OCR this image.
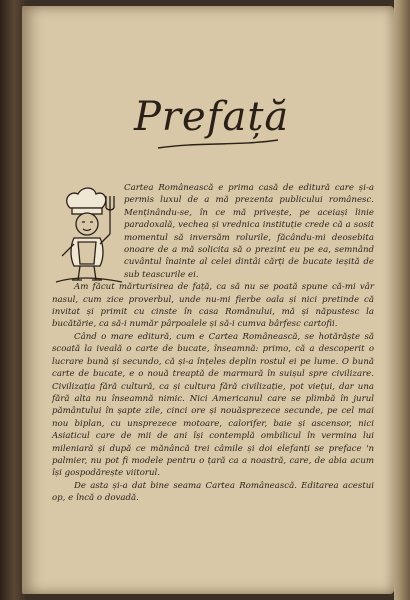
Prefață

Cartea Românească e prima casă de editură care și-a permis luxul de a mă prezenta publicului românesc. Menținându-se, în ce mă privește, pe aceiași linie paradoxală, vechea și vrednica instituție crede că a sosit momentul să inversăm rolurile, făcându-mi deosebita onoare de a mă solicita să o prezint eu pe ea, semnând cuvântul înainte al celei dintâi cărți de bucate ieșită de sub teascurile ei.

Am făcut mărturisirea de față, ca să nu se poată spune că-mi vâr nasul, cum zice proverbul, unde nu-mi fierbe oala și nici pretinde că invitat și primit cu cinste în casa Românului, mă și năpustesc la bucătărie, ca să-i număr pârpoalele și să-i cumva bârfesc cartofii.

Când o mare editură, cum e Cartea Românească, se hotărăște să scoată la iveală o carte de bucate, înseamnă: primo, că a descoperit o lucrare bună și secundo, că și-a înțeles deplin rostul ei pe lume. O bună carte de bucate, e o nouă treaptă de marmură în suișul spre civilizare. Civilizația fără cultură, ca și cultura fără civilizație, pot viețui, dar una fără alta nu înseamnă nimic. Nici Americanul care se plimbă în jurul pământului în șapte zile, cinci ore și nouăsprezece secunde, pe cel mai nou biplan, cu unsprezece motoare, calorifer, baie și ascensor, nici Asiaticul care de mii de ani își contemplă ombilicul în vermina lui mileniară și după ce mănâncă trei câmile și doi elefanți se preface 'n palmier, nu pot fi modele pentru o țară ca a noastră, care, de abia acum își gospodărește viitorul.

De asta și-a dat bine seama Cartea Românească. Editarea acestui op, e încă o dovadă.
